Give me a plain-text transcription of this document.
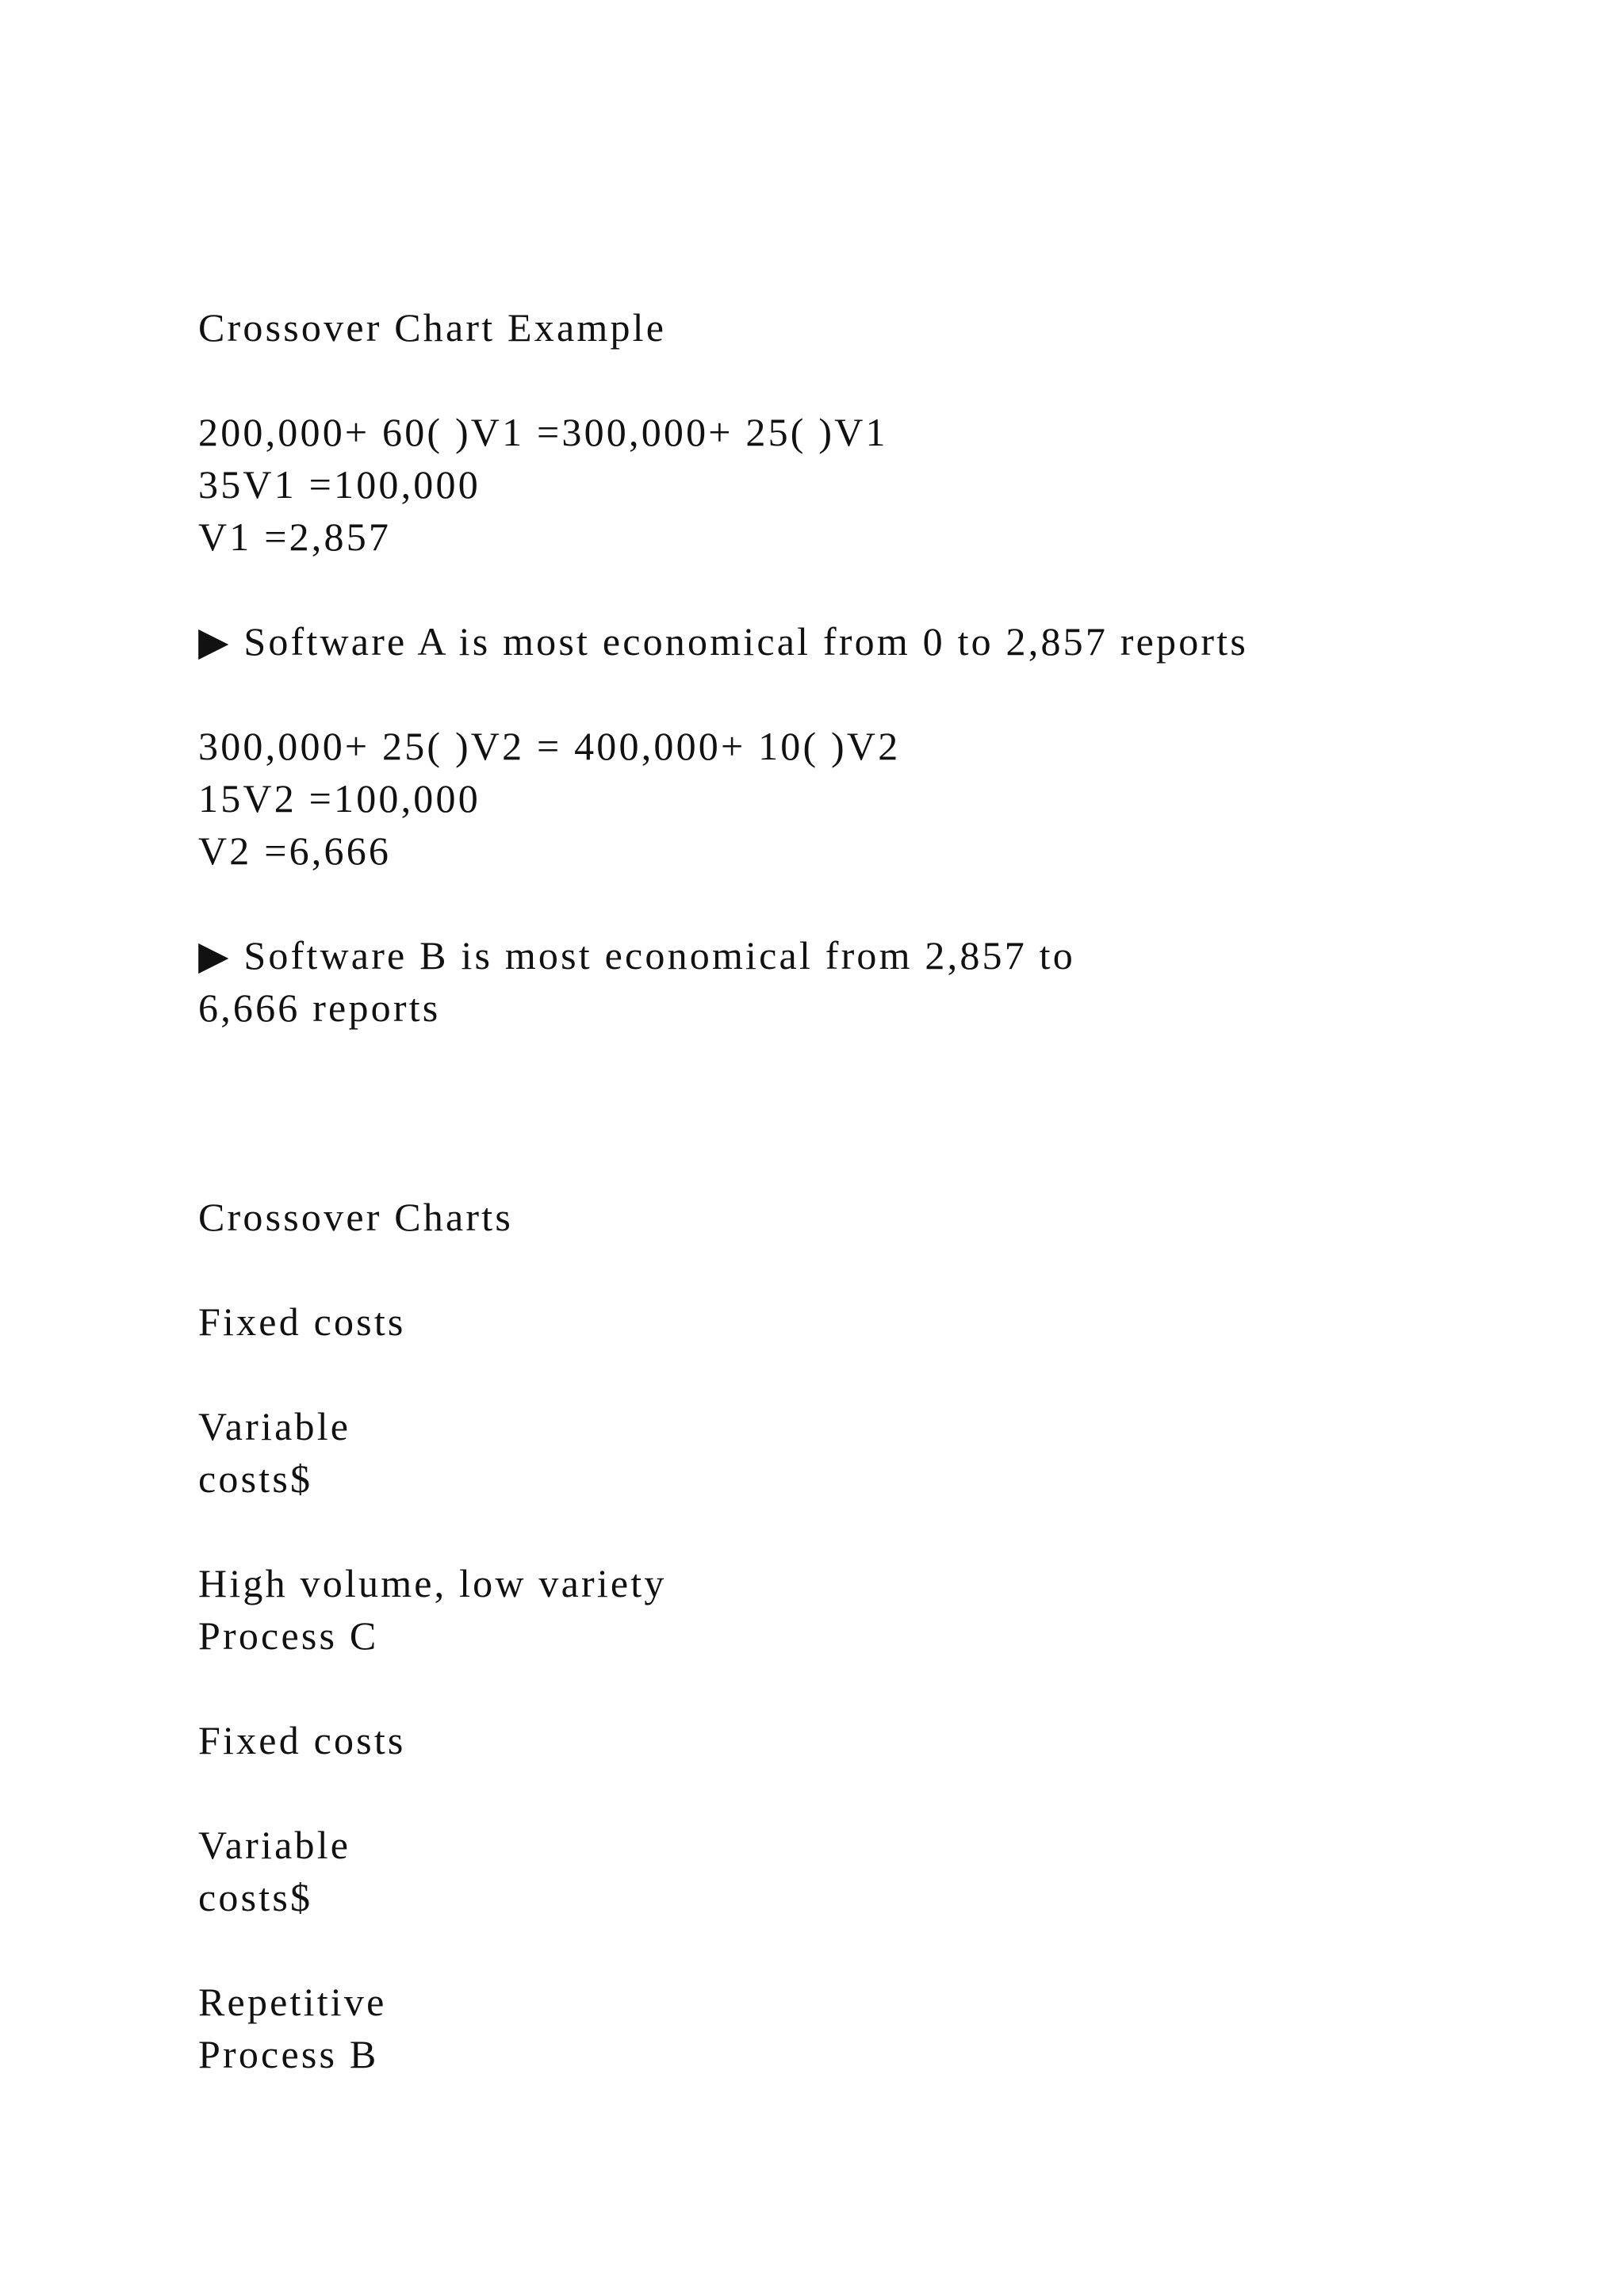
Crossover Chart Example

200,000+ 60( )V1 =300,000+ 25( )V1

35V1 =100,000

V1 =2,857

▶ Software A is most economical from 0 to 2,857 reports

300,000+ 25( )V2 = 400,000+ 10( )V2

15V2 =100,000

V2 =6,666

▶ Software B is most economical from 2,857 to

6,666 reports

Crossover Charts

Fixed costs

Variable

costs$

High volume, low variety

Process C

Fixed costs

Variable

costs$

Repetitive

Process B
